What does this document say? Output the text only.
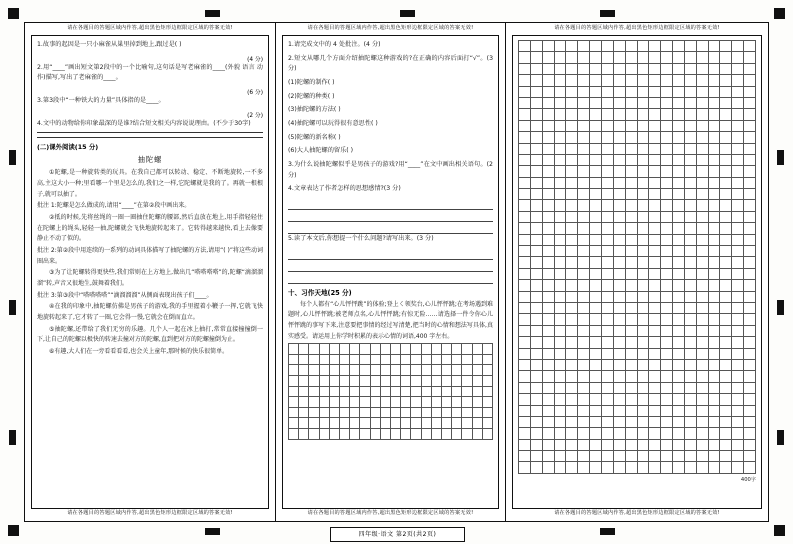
请在各题目的答题区域内作答,超出黑色矩形边框限定区域的答案无效!
1.故事的起因是一只小麻雀从巢里掉到地上,跟过是( )
(4 分)
2.用“____”画出短文第2段中的一个比喻句,这句话是写老麻雀的____(外貌 语言 动作)描写,写出了老麻雀的____。
(6 分)
3.第3段中“一种铁大的力量”具体指的是____。
(2 分)
4.文中的动物给你印象最深的是谁?结合短文相关内容说说理由。(不少于30字)
(二)课外阅读(15 分)
抽陀螺
①陀螺,是一种旋转类的玩具。在我自己都可以转动、稳定、不断地旋转,一不多高,主这大小一种;里看哪一个里是怎么的,我们之一样,它陀螺就是我的了。再就一根根子,就可以抽了。
批注 1:陀螺是怎么做成的,请用“____”在第②段中画出来。
②抵的时候,先将丝绳的一圈一圈抽住陀螺的腰部,然后直放在地上,用手指轻轻住在陀螺上的绳头,轻轻一抽,陀螺就会飞快地旋转起来了。它转得越来越快,看上去像要静止不动了似的。
批注 2:第②段中用连续的一系列的动词具体描写了抽陀螺的方法,请用“( )”将这些动词圈出来。
③为了让陀螺转得更快些,我们常则在上方地上,做出几“嗒嗒嗒嗒”的,陀螺“滴溜溜溜”转,声音又很地生,鼓舞着我们。
批注 3:第③段中“嗒嗒嗒嗒”“滴溜溜溜”从侧面表现出孩子们____。
④在我的印象中,抽陀螺仿佛是男孩子的游戏,我的手里握着小鞭子一挥,它就飞快地旋转起来了,它才转了一圈,它会得一慢,它就会在倒而直立。
⑤抽陀螺,还带给了我们无穷的乐趣。几个人一起在冰上抽打,常常直接撞撞倒一下,让自己的陀螺以极快的转速去撞对方的陀螺,直到把对方的陀螺撞倒为止。
⑥有趣,大人们在一旁看看看看,也会关上童年,那时候的快乐很简单。
请在各题目的答题区域内作答,超出黑色矩形边框限定区域的答案无效!
请在各题目的答题区域内作答,超出黑色矩形边框限定区域的答案无效!
1.请完成文中的 4 处批注。(4 分)
2.短文从哪几个方面介绍抽陀螺这种游戏的?在正确的内容后面打“√”。(3 分)
(1)陀螺的制作( )
(2)陀螺的种类( )
(3)抽陀螺的方法( )
(4)抽陀螺可以玩得很有意思性( )
(5)陀螺的新名称( )
(6)大人抽陀螺的留乐( )
3.为什么说抽陀螺似乎是男孩子的游戏?用“____”在文中画出相关语句。(2 分)
4.文章表达了作者怎样的思想感情?(3 分)
5.读了本文后,你想提一个什么问题?请写出来。(3 分)
十、习作天地(25 分)
每个人都有“心儿怦怦跳”的体验;登上く领奖台,心儿怦怦跳;在考场遇到难题时,心儿怦怦跳;被老师点名,心儿怦怦跳;有惊无险……请选择一件令你心儿怦怦跳的事写下来,注意要把事情的经过写清楚,把当时的心情和想法写具体,真实感受。请运用上你学时积累的表示心情的词语,400 字左右。
请在各题目的答题区域内作答,超出黑色矩形边框限定区域的答案无效!
请在各题目的答题区域内作答,超出黑色矩形边框限定区域的答案无效!
400字
请在各题目的答题区域内作答,超出黑色矩形边框限定区域的答案无效!
四年级·语文 第2页(共2页)
